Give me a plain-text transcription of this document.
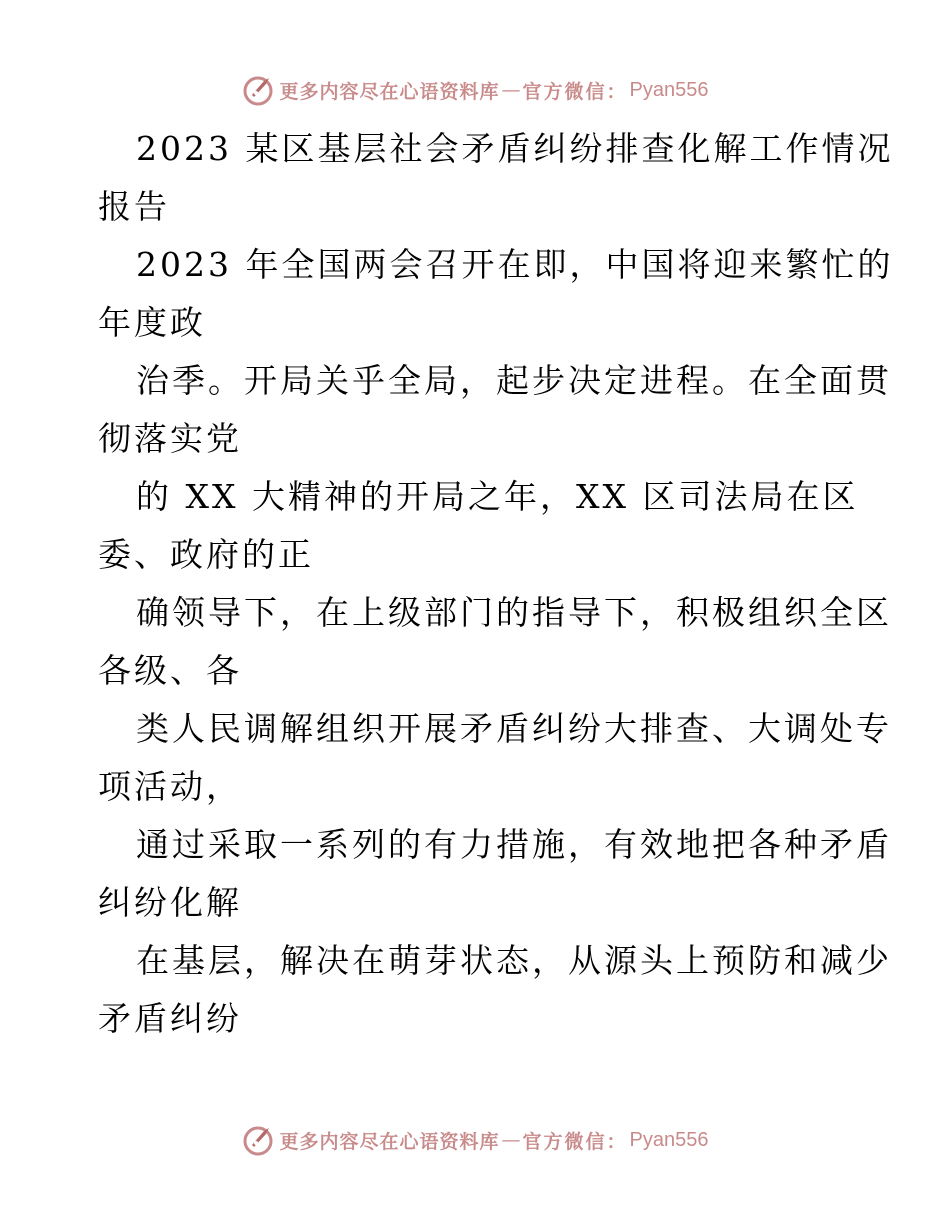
更多内容尽在心语资料库 — 官方微信： Pyan556
2023 某区基层社会矛盾纠纷排查化解工作情况
报告
2023 年全国两会召开在即，中国将迎来繁忙的
年度政
治季。开局关乎全局，起步决定进程。在全面贯
彻落实党
的 XX 大精神的开局之年，XX 区司法局在区
委、政府的正
确领导下，在上级部门的指导下，积极组织全区
各级、各
类人民调解组织开展矛盾纠纷大排查、大调处专
项活动，
通过采取一系列的有力措施，有效地把各种矛盾
纠纷化解
在基层，解决在萌芽状态，从源头上预防和减少
矛盾纠纷
更多内容尽在心语资料库 — 官方微信： Pyan556
